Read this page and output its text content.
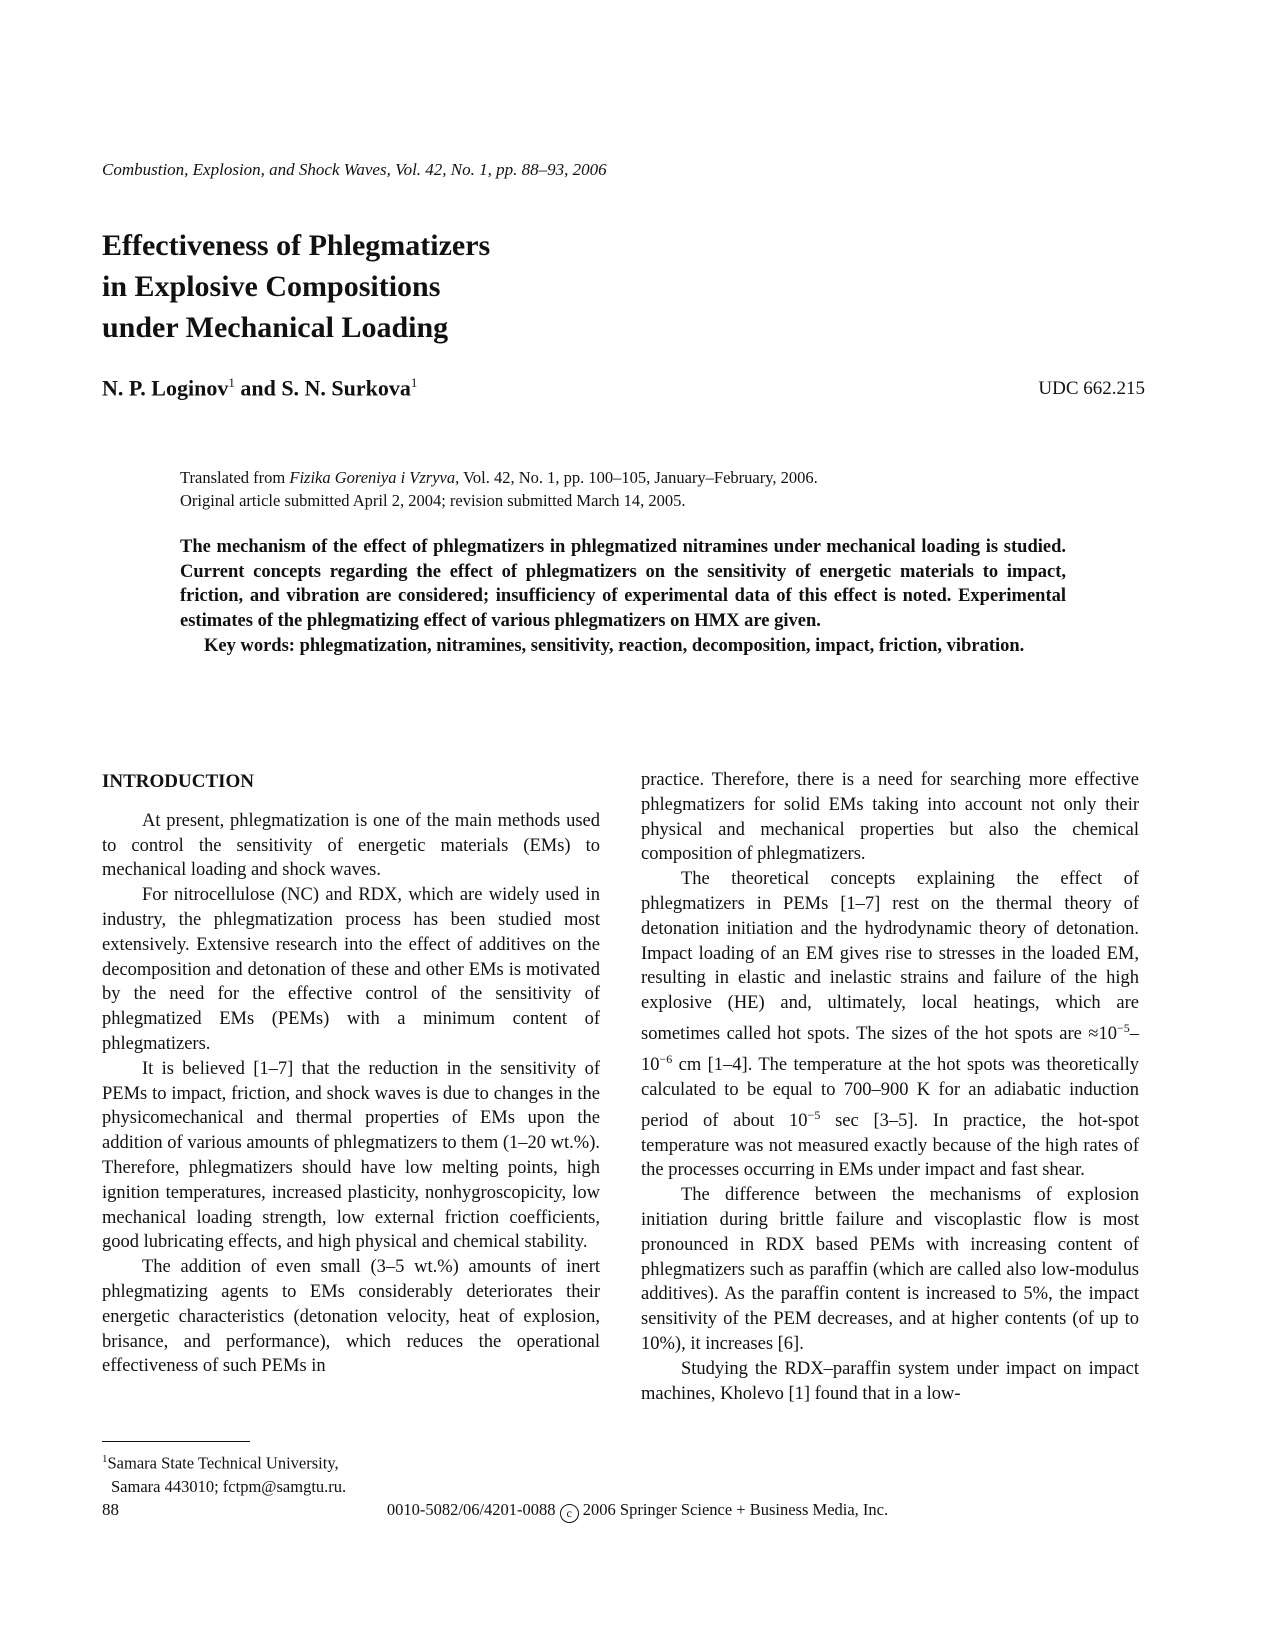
Combustion, Explosion, and Shock Waves, Vol. 42, No. 1, pp. 88–93, 2006
Effectiveness of Phlegmatizers
in Explosive Compositions
under Mechanical Loading
N. P. Loginov$^1$ and S. N. Surkova$^1$	UDC 662.215
Translated from Fizika Goreniya i Vzryva, Vol. 42, No. 1, pp. 100–105, January–February, 2006.
Original article submitted April 2, 2004; revision submitted March 14, 2005.

The mechanism of the effect of phlegmatizers in phlegmatized nitramines under mechanical loading is studied. Current concepts regarding the effect of phlegmatizers on the sensitivity of energetic materials to impact, friction, and vibration are considered; insufficiency of experimental data of this effect is noted. Experimental estimates of the phlegmatizing effect of various phlegmatizers on HMX are given.

Key words: phlegmatization, nitramines, sensitivity, reaction, decomposition, impact, friction, vibration.

INTRODUCTION

At present, phlegmatization is one of the main methods used to control the sensitivity of energetic materials (EMs) to mechanical loading and shock waves.

For nitrocellulose (NC) and RDX, which are widely used in industry, the phlegmatization process has been studied most extensively. Extensive research into the effect of additives on the decomposition and detonation of these and other EMs is motivated by the need for the effective control of the sensitivity of phlegmatized EMs (PEMs) with a minimum content of phlegmatizers.

It is believed [1–7] that the reduction in the sensitivity of PEMs to impact, friction, and shock waves is due to changes in the physicomechanical and thermal properties of EMs upon the addition of various amounts of phlegmatizers to them (1–20 wt.%). Therefore, phlegmatizers should have low melting points, high ignition temperatures, increased plasticity, nonhygroscopicity, low mechanical loading strength, low external friction coefficients, good lubricating effects, and high physical and chemical stability.

The addition of even small (3–5 wt.%) amounts of inert phlegmatizing agents to EMs considerably deteriorates their energetic characteristics (detonation velocity, heat of explosion, brisance, and performance), which reduces the operational effectiveness of such PEMs in

practice. Therefore, there is a need for searching more effective phlegmatizers for solid EMs taking into account not only their physical and mechanical properties but also the chemical composition of phlegmatizers.

The theoretical concepts explaining the effect of phlegmatizers in PEMs [1–7] rest on the thermal theory of detonation initiation and the hydrodynamic theory of detonation. Impact loading of an EM gives rise to stresses in the loaded EM, resulting in elastic and inelastic strains and failure of the high explosive (HE) and, ultimately, local heatings, which are sometimes called hot spots. The sizes of the hot spots are $\approx 10^{-5}-10^{-6}$ cm [1–4]. The temperature at the hot spots was theoretically calculated to be equal to 700–900 K for an adiabatic induction period of about $10^{-5}$ sec [3–5]. In practice, the hot-spot temperature was not measured exactly because of the high rates of the processes occurring in EMs under impact and fast shear.

The difference between the mechanisms of explosion initiation during brittle failure and viscoplastic flow is most pronounced in RDX based PEMs with increasing content of phlegmatizers such as paraffin (which are called also low-modulus additives). As the paraffin content is increased to 5%, the impact sensitivity of the PEM decreases, and at higher contents (of up to 10%), it increases [6].

Studying the RDX–paraffin system under impact on impact machines, Kholevo [1] found that in a low-

$^1$Samara State Technical University,
Samara 443010; fctpm@samgtu.ru.
0010-5082/06/4201-0088 c 2006 Springer Science + Business Media, Inc.
88
